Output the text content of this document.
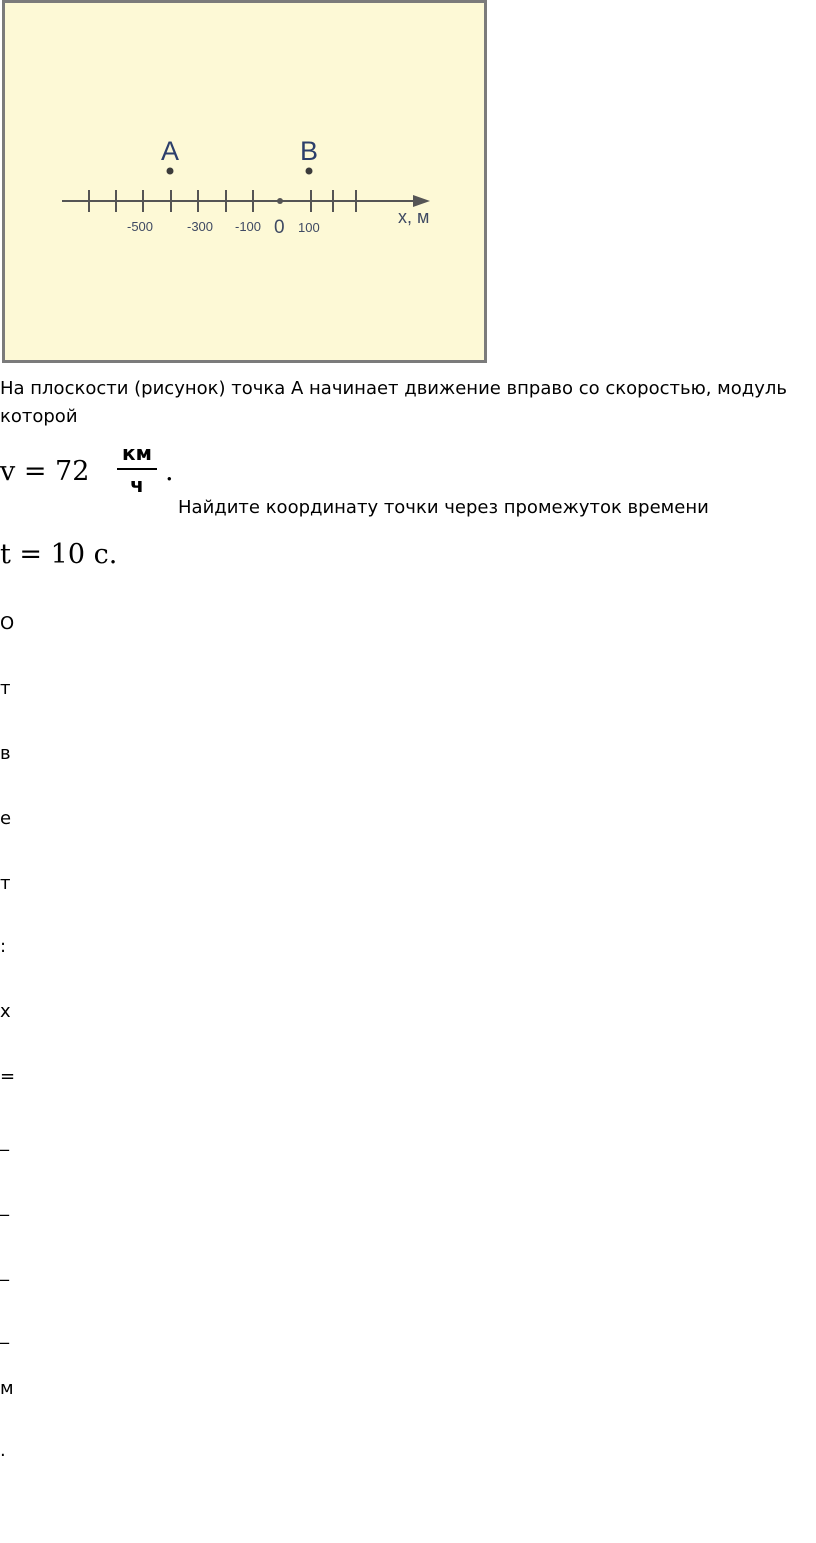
-500	-300 -100 0 100
x, м
A	B
На плоскости (рисунок) точка A начинает движение вправо со скоростью, модуль которой
v = 72
км
ч .
Найдите координату точки через промежуток времени
t = 10 с.
О
т
в
е
т
:
х
=
_
_
_
_
м
.
